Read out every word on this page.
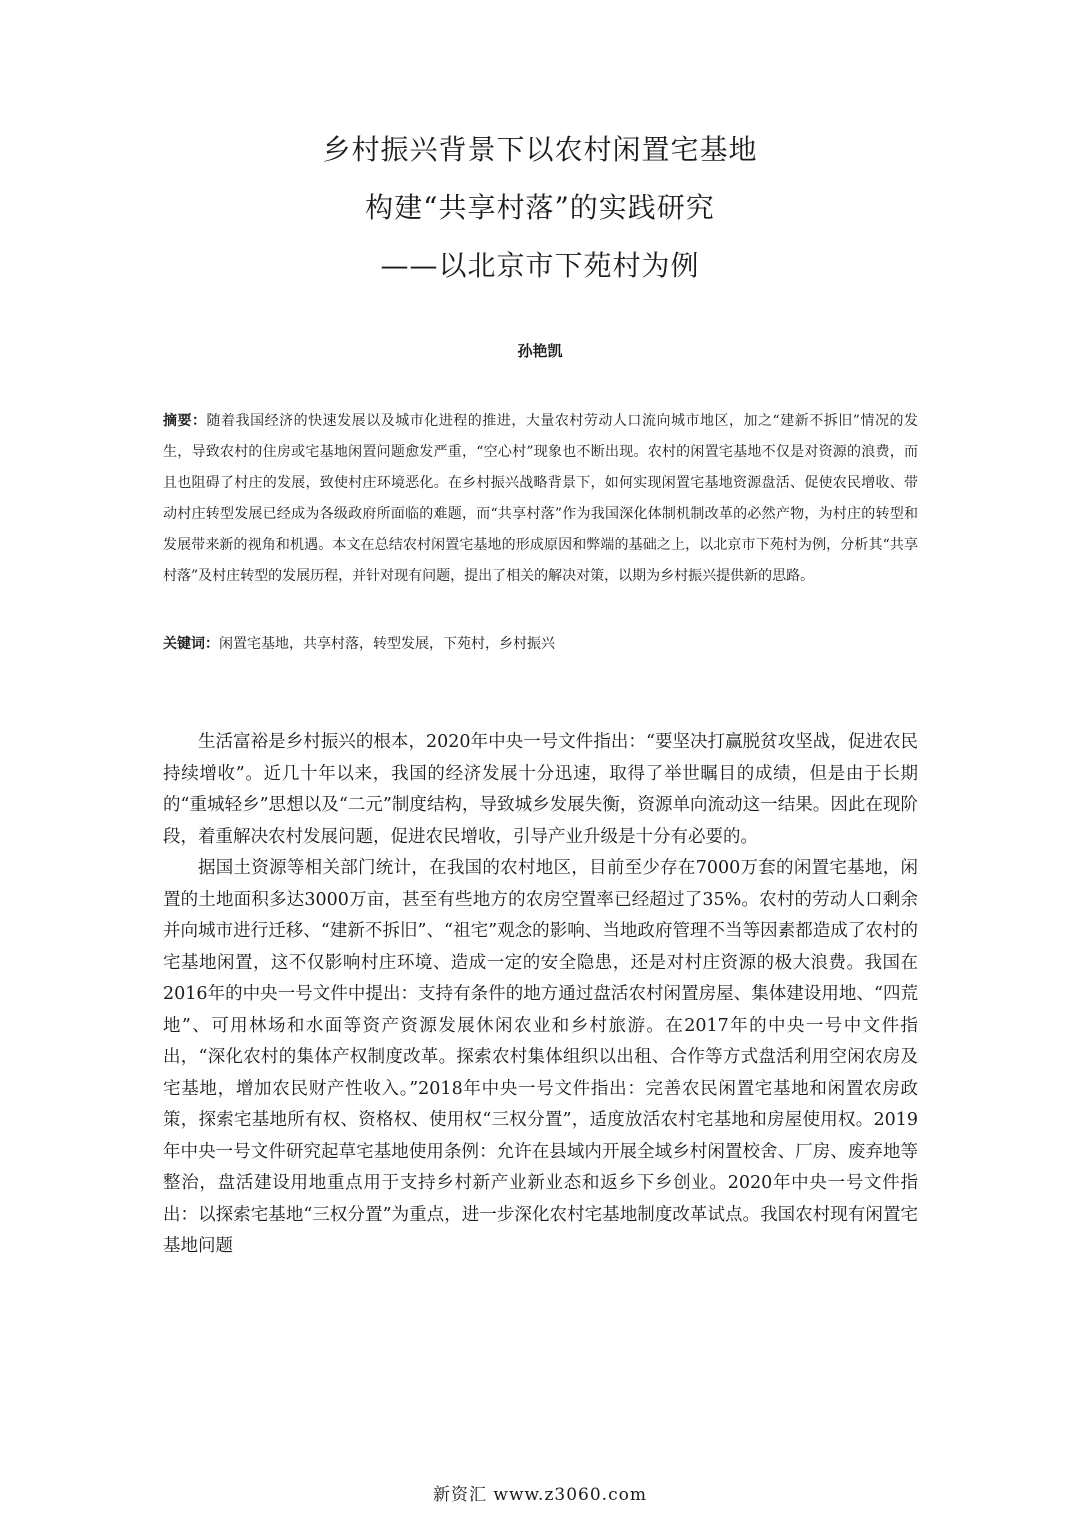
乡村振兴背景下以农村闲置宅基地
构建“共享村落”的实践研究
——以北京市下苑村为例
孙艳凯
摘要：随着我国经济的快速发展以及城市化进程的推进，大量农村劳动人口流向城市地区，加之“建新不拆旧”情况的发生，导致农村的住房或宅基地闲置问题愈发严重，“空心村”现象也不断出现。农村的闲置宅基地不仅是对资源的浪费，而且也阻碍了村庄的发展，致使村庄环境恶化。在乡村振兴战略背景下，如何实现闲置宅基地资源盘活、促使农民增收、带动村庄转型发展已经成为各级政府所面临的难题，而“共享村落”作为我国深化体制机制改革的必然产物，为村庄的转型和发展带来新的视角和机遇。本文在总结农村闲置宅基地的形成原因和弊端的基础之上，以北京市下苑村为例，分析其“共享村落”及村庄转型的发展历程，并针对现有问题，提出了相关的解决对策，以期为乡村振兴提供新的思路。
关键词：闲置宅基地，共享村落，转型发展，下苑村，乡村振兴

生活富裕是乡村振兴的根本，2020年中央一号文件指出：“要坚决打赢脱贫攻坚战，促进农民持续增收”。近几十年以来，我国的经济发展十分迅速，取得了举世瞩目的成绩，但是由于长期的“重城轻乡”思想以及“二元”制度结构，导致城乡发展失衡，资源单向流动这一结果。因此在现阶段，着重解决农村发展问题，促进农民增收，引导产业升级是十分有必要的。

据国土资源等相关部门统计，在我国的农村地区，目前至少存在7000万套的闲置宅基地，闲置的土地面积多达3000万亩，甚至有些地方的农房空置率已经超过了35%。农村的劳动人口剩余并向城市进行迁移、“建新不拆旧”、“祖宅”观念的影响、当地政府管理不当等因素都造成了农村的宅基地闲置，这不仅影响村庄环境、造成一定的安全隐患，还是对村庄资源的极大浪费。我国在2016年的中央一号文件中提出：支持有条件的地方通过盘活农村闲置房屋、集体建设用地、“四荒地”、可用林场和水面等资产资源发展休闲农业和乡村旅游。在2017年的中央一号中文件指出，“深化农村的集体产权制度改革。探索农村集体组织以出租、合作等方式盘活利用空闲农房及宅基地，增加农民财产性收入。”2018年中央一号文件指出：完善农民闲置宅基地和闲置农房政策，探索宅基地所有权、资格权、使用权“三权分置”，适度放活农村宅基地和房屋使用权。2019年中央一号文件研究起草宅基地使用条例：允许在县域内开展全域乡村闲置校舍、厂房、废弃地等整治，盘活建设用地重点用于支持乡村新产业新业态和返乡下乡创业。2020年中央一号文件指出：以探索宅基地“三权分置”为重点，进一步深化农村宅基地制度改革试点。我国农村现有闲置宅基地问题

新资汇 www.z3060.com
